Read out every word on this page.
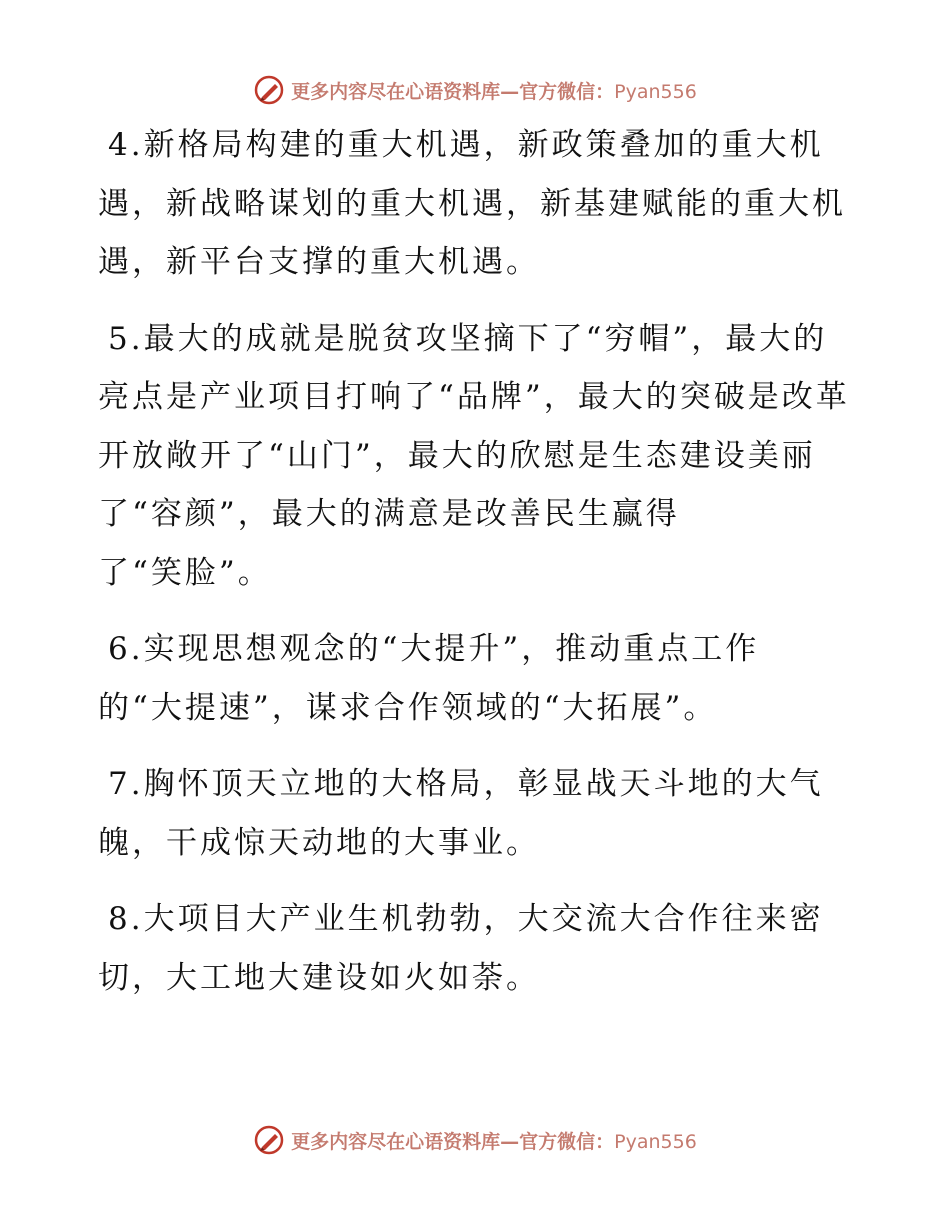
更多内容尽在心语资料库—官方微信：Pyan556
4.新格局构建的重大机遇，新政策叠加的重大机遇，新战略谋划的重大机遇，新基建赋能的重大机遇，新平台支撑的重大机遇。
5.最大的成就是脱贫攻坚摘下了“穷帽”，最大的亮点是产业项目打响了“品牌”，最大的突破是改革开放敞开了“山门”，最大的欣慰是生态建设美丽了“容颜”，最大的满意是改善民生赢得
了“笑脸”。
6.实现思想观念的“大提升”，推动重点工作
的“大提速”，谋求合作领域的“大拓展”。
7.胸怀顶天立地的大格局，彰显战天斗地的大气魄，干成惊天动地的大事业。
8.大项目大产业生机勃勃，大交流大合作往来密切，大工地大建设如火如荼。
更多内容尽在心语资料库—官方微信：Pyan556
